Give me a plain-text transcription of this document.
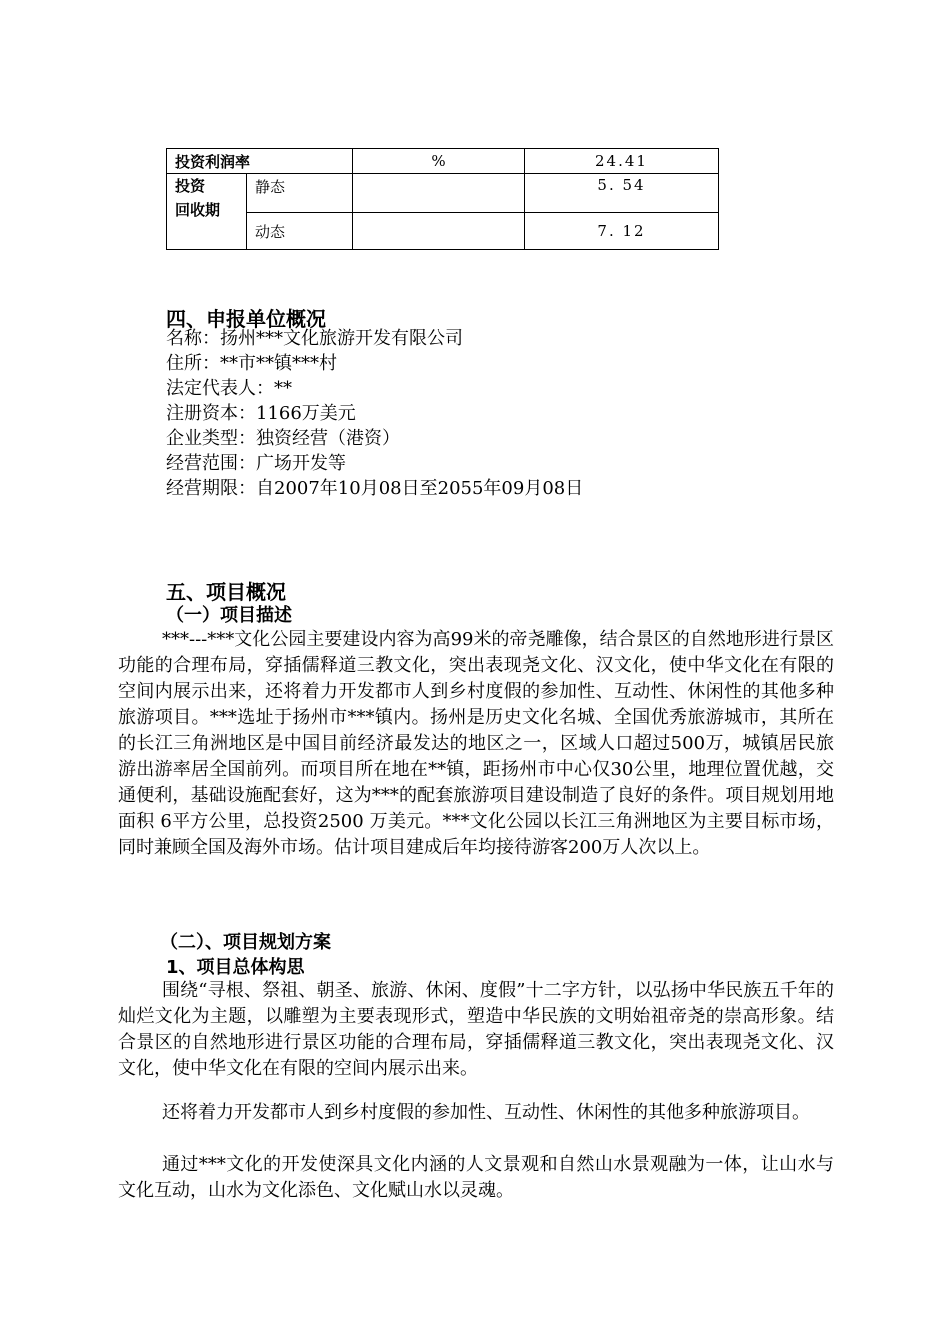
投资利润率		%	24.41
投资
回收期	静态		5. 54
	动态		7. 12
四、申报单位概况
名称：扬州***文化旅游开发有限公司
住所：**市**镇***村
法定代表人：**
注册资本：1166万美元
企业类型：独资经营（港资）
经营范围：广场开发等
经营期限：自2007年10月08日至2055年09月08日
五、项目概况
（一）项目描述

***---***文化公园主要建设内容为高99米的帝尧雕像，结合景区的自然地形进行景区功能的合理布局，穿插儒释道三教文化，突出表现尧文化、汉文化，使中华文化在有限的空间内展示出来，还将着力开发都市人到乡村度假的参加性、互动性、休闲性的其他多种旅游项目。***选址于扬州市***镇内。扬州是历史文化名城、全国优秀旅游城市，其所在的长江三角洲地区是中国目前经济最发达的地区之一，区域人口超过500万，城镇居民旅游出游率居全国前列。而项目所在地在**镇，距扬州市中心仅30公里，地理位置优越，交通便利，基础设施配套好，这为***的配套旅游项目建设制造了良好的条件。项目规划用地面积 6平方公里，总投资2500 万美元。***文化公园以长江三角洲地区为主要目标市场，同时兼顾全国及海外市场。估计项目建成后年均接待游客200万人次以上。

（二）、项目规划方案
1、项目总体构思

围绕“寻根、祭祖、朝圣、旅游、休闲、度假”十二字方针，以弘扬中华民族五千年的灿烂文化为主题，以雕塑为主要表现形式，塑造中华民族的文明始祖帝尧的崇高形象。结合景区的自然地形进行景区功能的合理布局，穿插儒释道三教文化，突出表现尧文化、汉文化，使中华文化在有限的空间内展示出来。

还将着力开发都市人到乡村度假的参加性、互动性、休闲性的其他多种旅游项目。

通过***文化的开发使深具文化内涵的人文景观和自然山水景观融为一体，让山水与文化互动，山水为文化添色、文化赋山水以灵魂。
